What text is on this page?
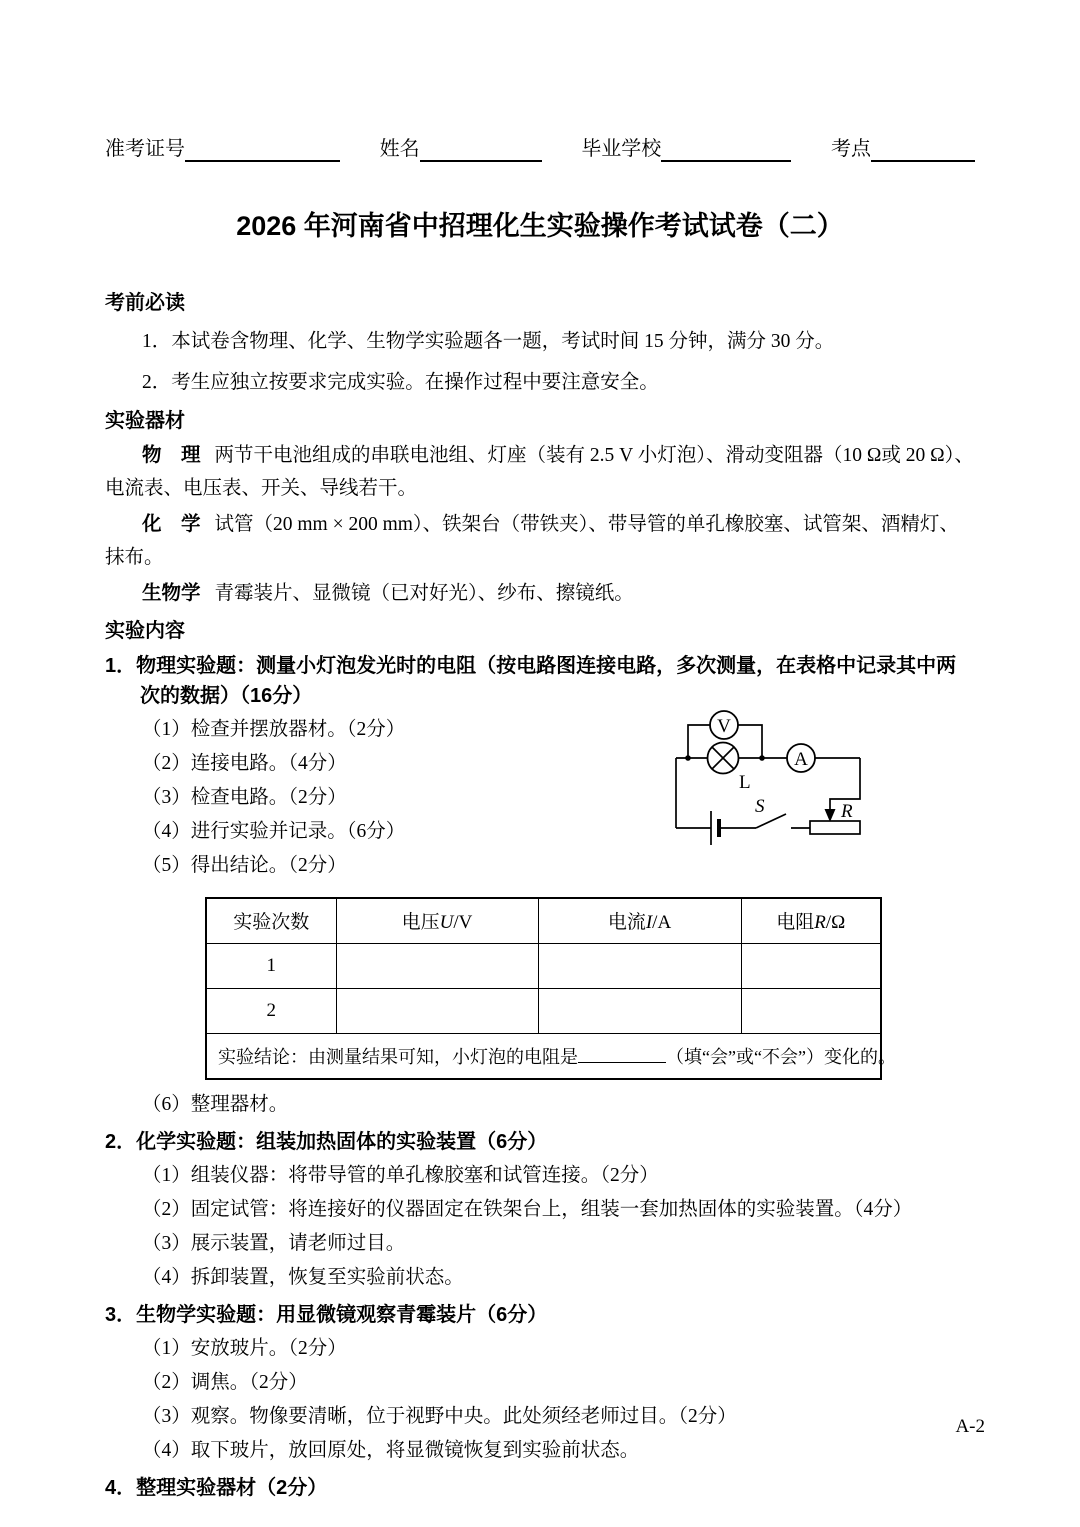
准考证号	姓名	毕业学校	考点
2026 年河南省中招理化生实验操作考试试卷（二）
考前必读

1．本试卷含物理、化学、生物学实验题各一题，考试时间 15 分钟，满分 30 分。

2．考生应独立按要求完成实验。在操作过程中要注意安全。

实验器材

物　理 两节干电池组成的串联电池组、灯座（装有 2.5 V 小灯泡）、滑动变阻器（10 Ω或 20 Ω）、电流表、电压表、开关、导线若干。

化　学 试管（20 mm × 200 mm）、铁架台（带铁夹）、带导管的单孔橡胶塞、试管架、酒精灯、抹布。

生物学 青霉装片、显微镜（已对好光）、纱布、擦镜纸。

实验内容
1．物理实验题：测量小灯泡发光时的电阻（按电路图连接电路，多次测量，在表格中记录其中两次的数据）（16分）

（1）检查并摆放器材。（2分）

（2）连接电路。（4分）

（3）检查电路。（2分）

（4）进行实验并记录。（6分）

（5）得出结论。（2分）

V
L
A
R
S
实验次数	电压U/V	电流I/A	电阻R/Ω
1			
2			
实验结论：由测量结果可知，小灯泡的电阻是 （填“会”或“不会”）变化的。			

（6）整理器材。

2．化学实验题：组装加热固体的实验装置（6分）

（1）组装仪器：将带导管的单孔橡胶塞和试管连接。（2分）

（2）固定试管：将连接好的仪器固定在铁架台上，组装一套加热固体的实验装置。（4分）

（3）展示装置，请老师过目。

（4）拆卸装置，恢复至实验前状态。

3．生物学实验题：用显微镜观察青霉装片（6分）

（1）安放玻片。（2分）

（2）调焦。（2分）

（3）观察。物像要清晰，位于视野中央。此处须经老师过目。（2分）

（4）取下玻片，放回原处，将显微镜恢复到实验前状态。

4．整理实验器材（2分）
A-2
